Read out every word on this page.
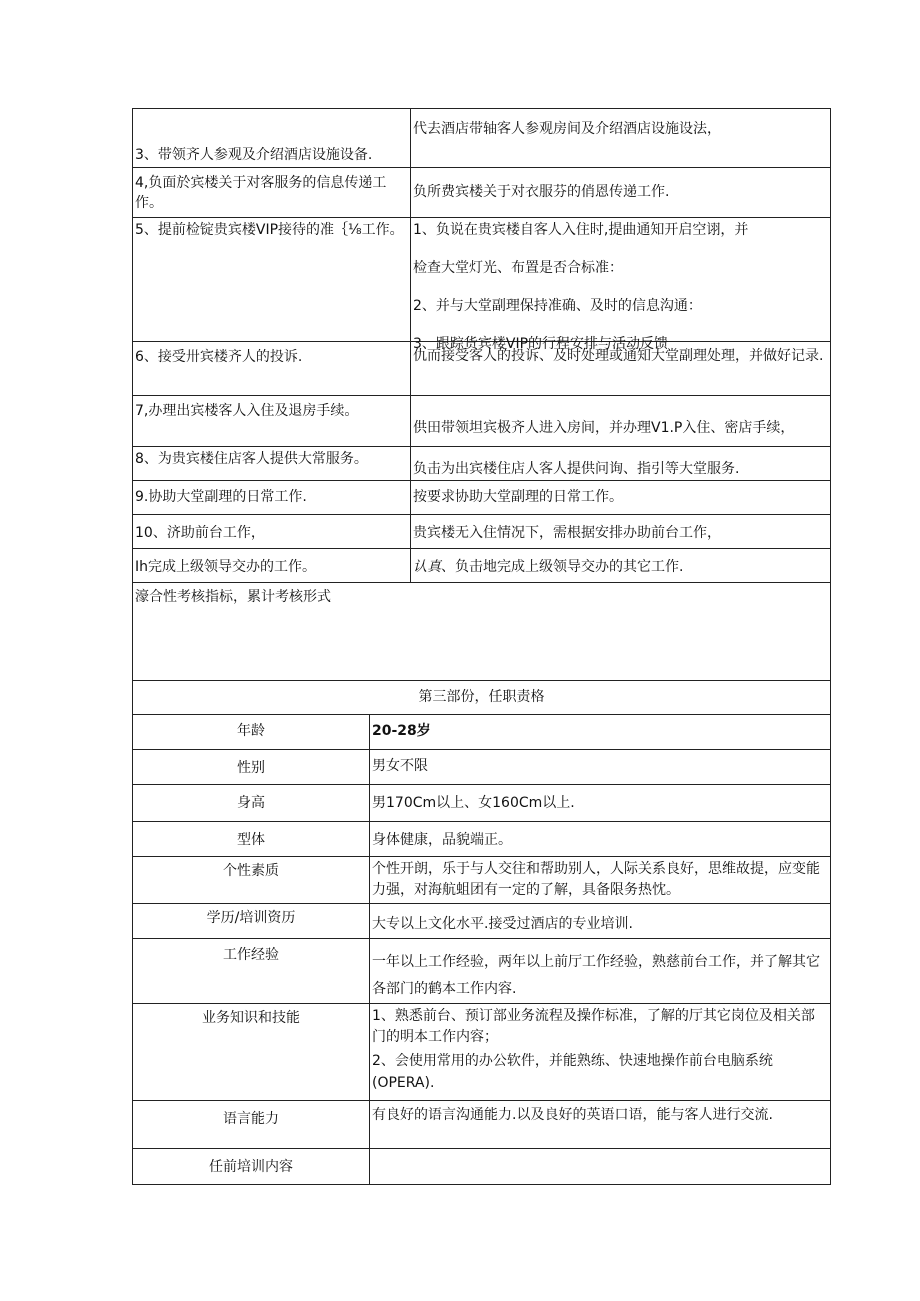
3、带领齐人参观及介绍酒店设施设备.	代去酒店带轴客人参观房间及介绍酒店设施设法，
4,负面於宾楼关于对客服务的信息传递工作。	负所费宾楼关于对衣服芬的俏恩传递工作.
5、提前检锭贵宾楼VIP接待的准｛⅛工作。	1、负说在贵宾楼自客人入住时,提曲通知开启空诩，并
检查大堂灯光、布置是否合标准：
2、并与大堂副理保持准确、及时的信息沟通：
3、跟踪货宾楼VIP的行程安排与活动反馈

6、接受卅宾楼齐人的投诉.	仇而接受客人的投诉、及时处理或通知大堂副理处理，并做好记录.
7,办理出宾楼客人入住及退房手续。	供田带领坦宾极齐人进入房间，并办理V1.P入住、密店手续，
8、为贵宾楼住店客人提供大常服务。	负击为出宾楼住店人客人提供问询、指引等大堂服务.
9.协助大堂副理的日常工作.	按要求协助大堂副理的日常工作。
10、济助前台工作，	贵宾楼无入住情况下，需根据安排办助前台工作，
Ih完成上级领导交办的工作。	认真、负击地完成上级领导交办的其它工作.
濠合性考核指标，累计考核形式	
第三部份，任职责格	
年龄	20-28岁
性别	男女不限
身高	男170Cm以上、女160Cm以上.
型体	身体健康，品貌端正。
个性素质	个性开朗，乐于与人交往和帮助别人，人际关系良好，思维故提，应变能力强，对海航蛆团有一定的了解，具备限务热忱。
学历/培训资历	大专以上文化水平.接受过酒店的专业培训.
工作经验	一年以上工作经验，两年以上前厅工作经验，熟慈前台工作，并了解其它各部门的鹤本工作内容.
业务知识和技能	1、熟悉前台、预订部业务流程及操作标准，了解的厅其它岗位及相关部门的明本工作内容；
2、会使用常用的办公软件，并能熟练、快速地操作前台电脑系统(OPERA).

语言能力	有良好的语言沟通能力.以及良好的英语口语，能与客人进行交流.
任前培训内容	
